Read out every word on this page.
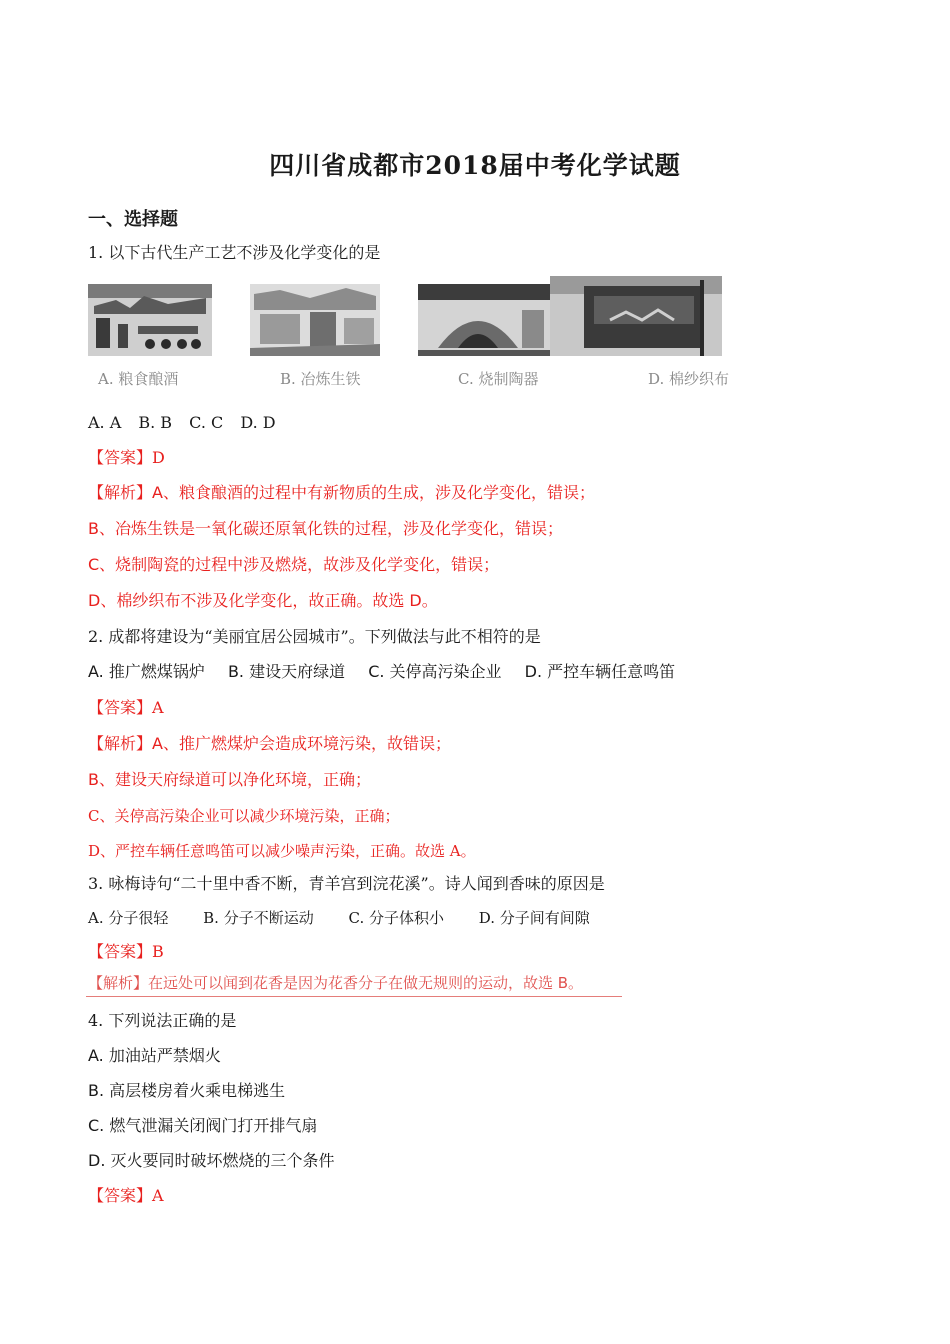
四川省成都市2018届中考化学试题
一、选择题
1. 以下古代生产工艺不涉及化学变化的是
A. 粮食酿酒	B. 冶炼生铁	C. 烧制陶器	D. 棉纱织布
A. A B. B C. C D. D
【答案】D
【解析】A、粮食酿酒的过程中有新物质的生成，涉及化学变化，错误；
B、冶炼生铁是一氧化碳还原氧化铁的过程，涉及化学变化，错误；
C、烧制陶瓷的过程中涉及燃烧，故涉及化学变化，错误；
D、棉纱织布不涉及化学变化，故正确。故选 D。
2. 成都将建设为“美丽宜居公园城市”。下列做法与此不相符的是
A. 推广燃煤锅炉 B. 建设天府绿道 C. 关停高污染企业 D. 严控车辆任意鸣笛
【答案】A
【解析】A、推广燃煤炉会造成环境污染，故错误；
B、建设天府绿道可以净化环境，正确；
C、关停高污染企业可以减少环境污染，正确；
D、严控车辆任意鸣笛可以减少噪声污染，正确。故选 A。
3. 咏梅诗句“二十里中香不断，青羊宫到浣花溪”。诗人闻到香味的原因是
A. 分子很轻 B. 分子不断运动 C. 分子体积小 D. 分子间有间隙
【答案】B
【解析】在远处可以闻到花香是因为花香分子在做无规则的运动，故选 B。
4. 下列说法正确的是
A. 加油站严禁烟火
B. 高层楼房着火乘电梯逃生
C. 燃气泄漏关闭阀门打开排气扇
D. 灭火要同时破坏燃烧的三个条件
【答案】A
